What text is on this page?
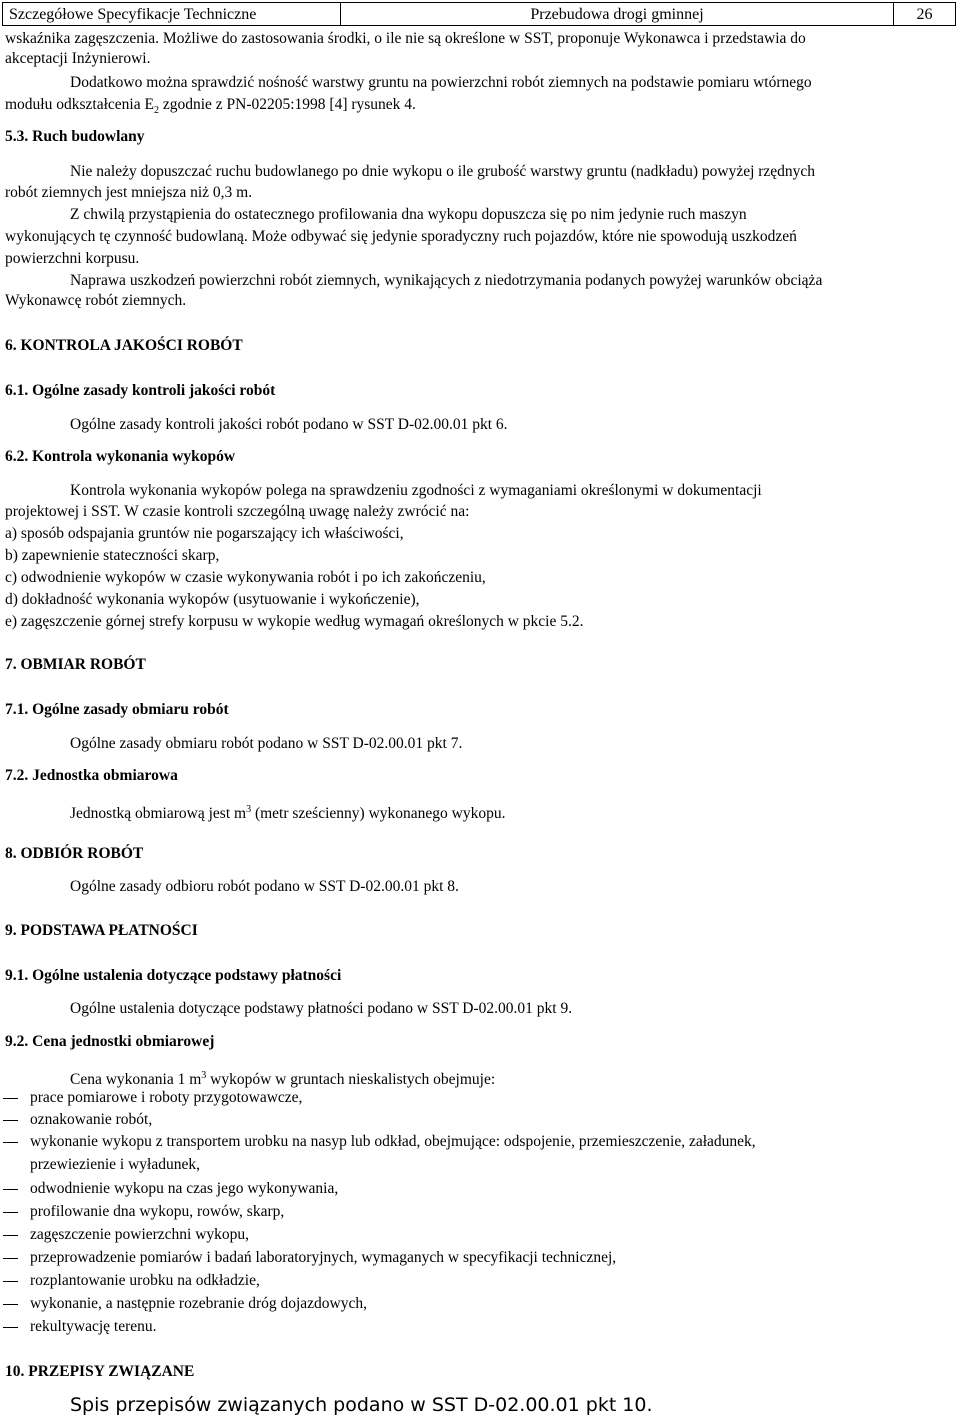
Szczegółowe Specyfikacje Techniczne	Przebudowa drogi gminnej	26
wskaźnika zagęszczenia. Możliwe do zastosowania środki, o ile nie są określone w SST, proponuje Wykonawca i przedstawia do
akceptacji Inżynierowi.
Dodatkowo można sprawdzić nośność warstwy gruntu na powierzchni robót ziemnych na podstawie pomiaru wtórnego
modułu odkształcenia $E_2$ zgodnie z PN-02205:1998 [4] rysunek 4.
5.3. Ruch budowlany
Nie należy dopuszczać ruchu budowlanego po dnie wykopu o ile grubość warstwy gruntu (nadkładu) powyżej rzędnych
robót ziemnych jest mniejsza niż 0,3 m.
Z chwilą przystąpienia do ostatecznego profilowania dna wykopu dopuszcza się po nim jedynie ruch maszyn
wykonujących tę czynność budowlaną. Może odbywać się jedynie sporadyczny ruch pojazdów, które nie spowodują uszkodzeń
powierzchni korpusu.
Naprawa uszkodzeń powierzchni robót ziemnych, wynikających z niedotrzymania podanych powyżej warunków obciąża
Wykonawcę robót ziemnych.
6. KONTROLA JAKOŚCI ROBÓT
6.1. Ogólne zasady kontroli jakości robót
Ogólne zasady kontroli jakości robót podano w SST D-02.00.01 pkt 6.
6.2. Kontrola wykonania wykopów
Kontrola wykonania wykopów polega na sprawdzeniu zgodności z wymaganiami określonymi w dokumentacji
projektowej i SST. W czasie kontroli szczególną uwagę należy zwrócić na:
a) sposób odspajania gruntów nie pogarszający ich właściwości,
b) zapewnienie stateczności skarp,
c) odwodnienie wykopów w czasie wykonywania robót i po ich zakończeniu,
d) dokładność wykonania wykopów (usytuowanie i wykończenie),
e) zagęszczenie górnej strefy korpusu w wykopie według wymagań określonych w pkcie 5.2.
7. OBMIAR ROBÓT
7.1. Ogólne zasady obmiaru robót
Ogólne zasady obmiaru robót podano w SST D-02.00.01 pkt 7.
7.2. Jednostka obmiarowa
Jednostką obmiarową jest $m^3$ (metr sześcienny) wykonanego wykopu.
8. ODBIÓR ROBÓT
Ogólne zasady odbioru robót podano w SST D-02.00.01 pkt 8.
9. PODSTAWA PŁATNOŚCI
9.1. Ogólne ustalenia dotyczące podstawy płatności
Ogólne ustalenia dotyczące podstawy płatności podano w SST D-02.00.01 pkt 9.
9.2. Cena jednostki obmiarowej
Cena wykonania 1 $m^3$ wykopów w gruntach nieskalistych obejmuje:
prace pomiarowe i roboty przygotowawcze,
oznakowanie robót,
wykonanie wykopu z transportem urobku na nasyp lub odkład, obejmujące: odspojenie, przemieszczenie, załadunek,
przewiezienie i wyładunek,
odwodnienie wykopu na czas jego wykonywania,
profilowanie dna wykopu, rowów, skarp,
zagęszczenie powierzchni wykopu,
przeprowadzenie pomiarów i badań laboratoryjnych, wymaganych w specyfikacji technicznej,
rozplantowanie urobku na odkładzie,
wykonanie, a następnie rozebranie dróg dojazdowych,
rekultywację terenu.
10. PRZEPISY ZWIĄZANE
Spis przepisów związanych podano w SST D-02.00.01 pkt 10.
